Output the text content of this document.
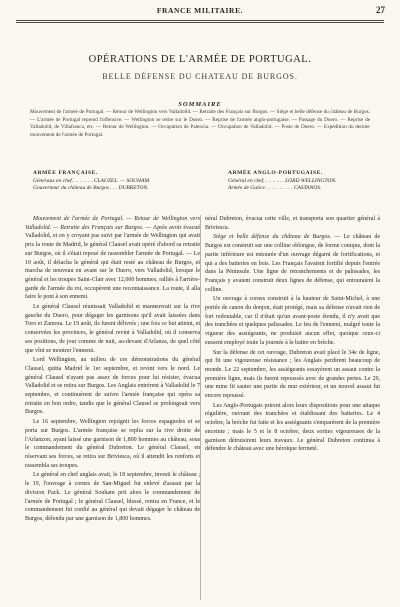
FRANCE MILITAIRE.	27
OPÉRATIONS DE L'ARMÉE DE PORTUGAL.
BELLE DÉFENSE DU CHATEAU DE BURGOS.
SOMMAIRE
Mouvement de l'armée de Portugal. — Retour de Wellington vers Valladolid. — Retraite des Français sur Burgos. — Siége et belle défense du château de Burgos. — L'armée de Portugal reprend l'offensive. — Wellington se retire sur le Duero. — Reprise de l'armée anglo-portugaise. — Passage du Duero. — Reprise de Valladolid, de Villafranca, etc. — Retour de Wellington. — Occupation de Palencia. — Occupation de Valladolid. — Poste de Duero. — Expédition du dernier mouvement de l'armée de Portugal.
ARMÉE FRANÇAISE.
Généraux en chef. . . . . . . . CLAUZEL. — SOUHAM.
Gouverneur du château de Burgos . . . DUBRETON.
ARMÉE ANGLO-PORTUGAISE.
Général en chef. . . . . . . . LORD WELLINGTON.
Armée de Galice . . . . . . . . . . CASTANOS.

Mouvement de l'armée de Portugal. — Retour de Wellington vers Valladolid. — Retraite des Français sur Burgos. — Après avoir évacué Valladolid, et en y croyant pas suivi par l'armée de Wellington qui avait pris la route de Madrid, le général Clausel avait opéré d'abord sa retraite sur Burgos, où il s'était reposé de rassembler l'armée de Portugal. — Le 10 août, il détacha le général qui était resté au château de Burgos, et marcha de nouveau en avant sur le Duero, vers Valladolid, lorsque le général et les troupes Saint-Clair avec 12,000 hommes, ralliés à l'arrière-garde de l'armée du roi, occupèrent une reconnaissance. La route, il alla faire le pont à son ennemi.

Le général Clausel réunissait Valladolid et manœuvrait sur la rive gauche du Duero, pour dégager les garnisons qu'il avait laissées dans Toro et Zamora. Le 19 août, ils furent délivrés ; une fois ce but atteint, et conservées les provinces, le général revint à Valladolid, où il conserva ses positions, de jour comme de nuit, au-devant d'Arlanza, de quel côté que vînt se montrer l'ennemi.

Lord Wellington, au milieu de ces démonstrations du général Clausel, quitta Madrid le 1er septembre, et revint vers le nord. Le général Clausel n'ayant pas assez de forces pour lui résister, évacua Valladolid et se retira sur Burgos. Les Anglais entrèrent à Valladolid le 7 septembre, et continuèrent de suivre l'armée française qui opéra sa retraite en bon ordre, tandis que le général Clausel se prolongeait vers Burgos.

Le 16 septembre, Wellington rejoignit les forces espagnoles et se porta sur Burgos. L'armée française se replia sur la rive droite de l'Arlanzon, ayant laissé une garnison de 1,800 hommes au château, sous le commandement du général Dubreton. Le général Clausel, en réservant ses forces, se retira sur Briviesca, où il attendit les renforts et rassembla ses troupes.

Le général en chef anglais avait, le 18 septembre, investi le château ; le 19, l'ouvrage à cornes de San-Miguel fut enlevé d'assaut par la division Pack. Le général Souham prit alors le commandement de l'armée de Portugal ; le général Clausel, blessé, rentra en France, et le commandement fut confié au général qui devait dégager le château de Burgos, défendu par une garnison de 1,800 hommes.

néral Dubreton, évacua cette ville, et transporta son quartier général à Briviesca.

Siége et belle défense du château de Burgos. — Le château de Burgos est construit sur une colline oblongue, de forme conique, dont la partie inférieure est entourée d'un ouvrage dégarni de fortifications, et qui a des batteries en bois. Les Français l'avaient fortifié depuis l'entrée dans la Péninsule. Une ligne de retranchements et de palissades, les Français y avaient construit deux lignes de défense, qui entouraient la colline.

Un ouvrage à cornes construit à la hauteur de Saint-Michel, à une portée de canon du donjon, était protégé, mais sa défense n'avait rien de fort redoutable, car il n'était qu'un avant-poste étendu, il n'y avait que des tranchées et quelques palissades. Le feu de l'ennemi, malgré toute la vigueur des assiégeants, ne produisit aucun effet, quoique ceux-ci eussent employé toute la journée à le battre en brèche.

Sur la défense de cet ouvrage, Dubreton avait placé le 34e de ligne, qui fit une vigoureuse résistance ; les Anglais perdirent beaucoup de monde. Le 22 septembre, les assiégeants essayèrent un assaut contre la première ligne, mais ils furent repoussés avec de grandes pertes. Le 29, une mine fit sauter une partie du mur extérieur, et un nouvel assaut fut encore repoussé.

Les Anglo-Portugais prirent alors leurs dispositions pour une attaque régulière, ouvrant des tranchées et établissant des batteries. Le 4 octobre, la brèche fut faite et les assiégeants s'emparèrent de la première enceinte ; mais le 5 et le 8 octobre, deux sorties vigoureuses de la garnison détruisirent leurs travaux. Le général Dubreton continua à défendre le château avec une héroïque fermeté.
